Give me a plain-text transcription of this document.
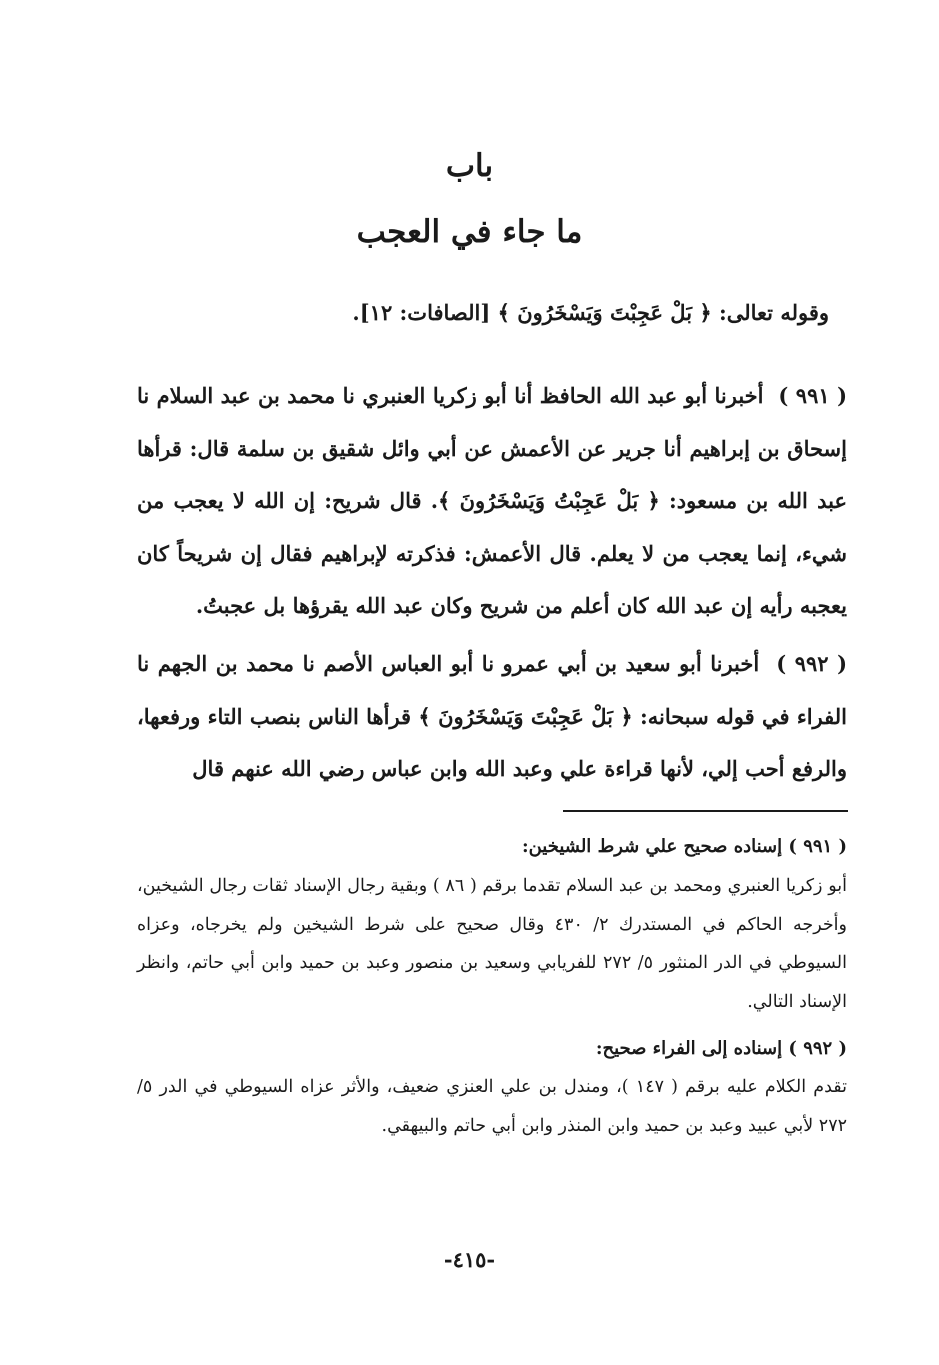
باب
ما جاء في العجب

وقوله تعالى: ﴿ بَلْ عَجِبْتَ وَيَسْخَرُونَ ﴾ [الصافات: ١٢].

( ٩٩١ )  أخبرنا أبو عبد الله الحافظ أنا أبو زكريا العنبري نا محمد بن عبد السلام نا إسحاق بن إبراهيم أنا جرير عن الأعمش عن أبي وائل شقيق بن سلمة قال: قرأها عبد الله بن مسعود: ﴿ بَلْ عَجِبْتُ وَيَسْخَرُونَ ﴾. قال شريح: إن الله لا يعجب من شيء، إنما يعجب من لا يعلم. قال الأعمش: فذكرته لإبراهيم فقال إن شريحاً كان يعجبه رأيه إن عبد الله كان أعلم من شريح وكان عبد الله يقرؤها بل عجبتُ.

( ٩٩٢ )  أخبرنا أبو سعيد بن أبي عمرو نا أبو العباس الأصم نا محمد بن الجهم نا الفراء في قوله سبحانه: ﴿ بَلْ عَجِبْتَ وَيَسْخَرُونَ ﴾ قرأها الناس بنصب التاء ورفعها، والرفع أحب إلي، لأنها قراءة علي وعبد الله وابن عباس رضي الله عنهم قال

( ٩٩١ ) إسناده صحيح علي شرط الشيخين:

أبو زكريا العنبري ومحمد بن عبد السلام تقدما برقم ( ٨٦ ) وبقية رجال الإسناد ثقات رجال الشيخين، وأخرجه الحاكم في المستدرك ٢/ ٤٣٠ وقال صحيح على شرط الشيخين ولم يخرجاه، وعزاه السيوطي في الدر المنثور ٥/ ٢٧٢ للفريابي وسعيد بن منصور وعبد بن حميد وابن أبي حاتم، وانظر الإسناد التالي.

( ٩٩٢ ) إسناده إلى الفراء صحيح:

تقدم الكلام عليه برقم ( ١٤٧ )، ومندل بن علي العنزي ضعيف، والأثر عزاه السيوطي في الدر ٥/ ٢٧٢ لأبي عبيد وعبد بن حميد وابن المنذر وابن أبي حاتم والبيهقي.

-٤١٥-
